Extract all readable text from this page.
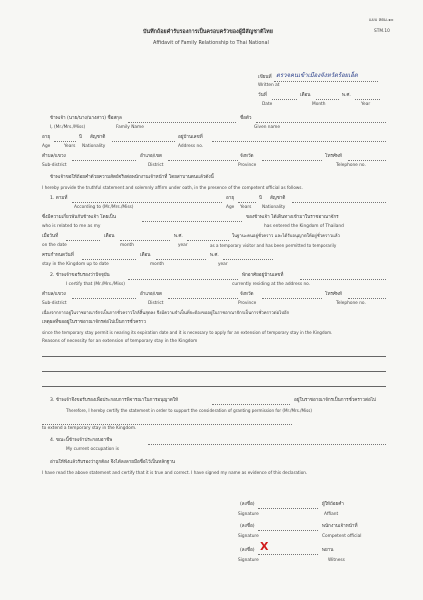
แบบ สตม.๑๐
STM.10
บันทึกถ้อยคำรับรองการเป็นครอบครัวของผู้มีสัญชาติไทย
Affidavit of Family Relationship to Thai National
เขียนที่ ตรวจคนเข้าเมืองจังหวัดร้อยเอ็ด
Written at
วันที่	เดือน	พ.ศ.
Date	Month	Year
ข้าพเจ้า (นาย/นาง/นางสาว) ชื่อสกุล	ชื่อตัว
I, (Mr./Mrs./Miss)	Family Name	Given name
อายุ	ปี สัญชาติ	อยู่บ้านเลขที่
Age	Years Nationality	Address no.
ตำบล/แขวง	อำเภอ/เขต	จังหวัด	โทรศัพท์
Sub-district	District	Province	Telephone no.
ข้าพเจ้าขอให้ถ้อยคำด้วยความสัตย์จริงต่อพนักงานเจ้าหน้าที่ โดยสาบานตนแล้วดังนี้
I hereby provide the truthful statement and solemnly affirm under oath, in the presence of the competent official as follows.
1. ตามที่	อายุ	ปี สัญชาติ
According to (Mr./Mrs./Miss)	Age Years Nationality
ซึ่งมีความเกี่ยวพันกับข้าพเจ้า โดยเป็น	ของข้าพเจ้า ได้เดินทางเข้ามาในราชอาณาจักร
who is related to me as my	has entered the Kingdom of Thailand
เมื่อวันที่	เดือน	พ.ศ.	ในฐานะคนอยู่ชั่วคราว และได้รับอนุญาตให้อยู่ชั่วคราวแล้ว
on the date	month	year	as a temporary visitor and has been permitted to temporarily
ครบกำหนดวันที่	เดือน	พ.ศ.
stay in the Kingdom up to date	month	year
2. ข้าพเจ้าขอรับรองว่าปัจจุบัน	พักอาศัยอยู่บ้านเลขที่
I certify that (Mr./Mrs./Miss)	currently residing at the address no.
ตำบล/แขวง	อำเภอ/เขต	จังหวัด	โทรศัพท์
Sub-district	District	Province	Telephone no.
เนื่องจากการอยู่ในราชอาณาจักรเป็นการชั่วคราวใกล้สิ้นสุดลง จึงมีความจำเป็นที่จะต้องขออยู่ในราชอาณาจักรเป็นการชั่วคราวต่อไปอีก
เหตุผลที่ขออยู่ในราชอาณาจักรต่อไปเป็นการชั่วคราว
since the temporary stay permit is nearing its expiration date and it is necessary to apply for an extension of temporary stay in the Kingdom.
Reasons of necessity for an extension of temporary stay in the Kingdom
3. ข้าพเจ้าจึงขอรับรองเพื่อประกอบการพิจารณาในการอนุญาตให้	อยู่ในราชอาณาจักรเป็นการชั่วคราวต่อไป
Therefore, I hereby certify the statement in order to support the consideration of granting permission for (Mr./Mrs./Miss)
to extend a temporary stay in the Kingdom.
4. ขณะนี้ข้าพเจ้าประกอบอาชีพ
My current occupation is
อ่านให้ฟังแล้วรับรองว่าถูกต้อง จึงได้ลงลายมือชื่อไว้เป็นหลักฐาน
I have read the above statement and certify that it is true and correct. I have signed my name as evidence of this declaration.
(ลงชื่อ)	ผู้ให้ถ้อยคำ
Signature	Affiant
(ลงชื่อ)	พนักงานเจ้าหน้าที่
Signature	Competent official
(ลงชื่อ) X	พยาน
Signature	Witness
